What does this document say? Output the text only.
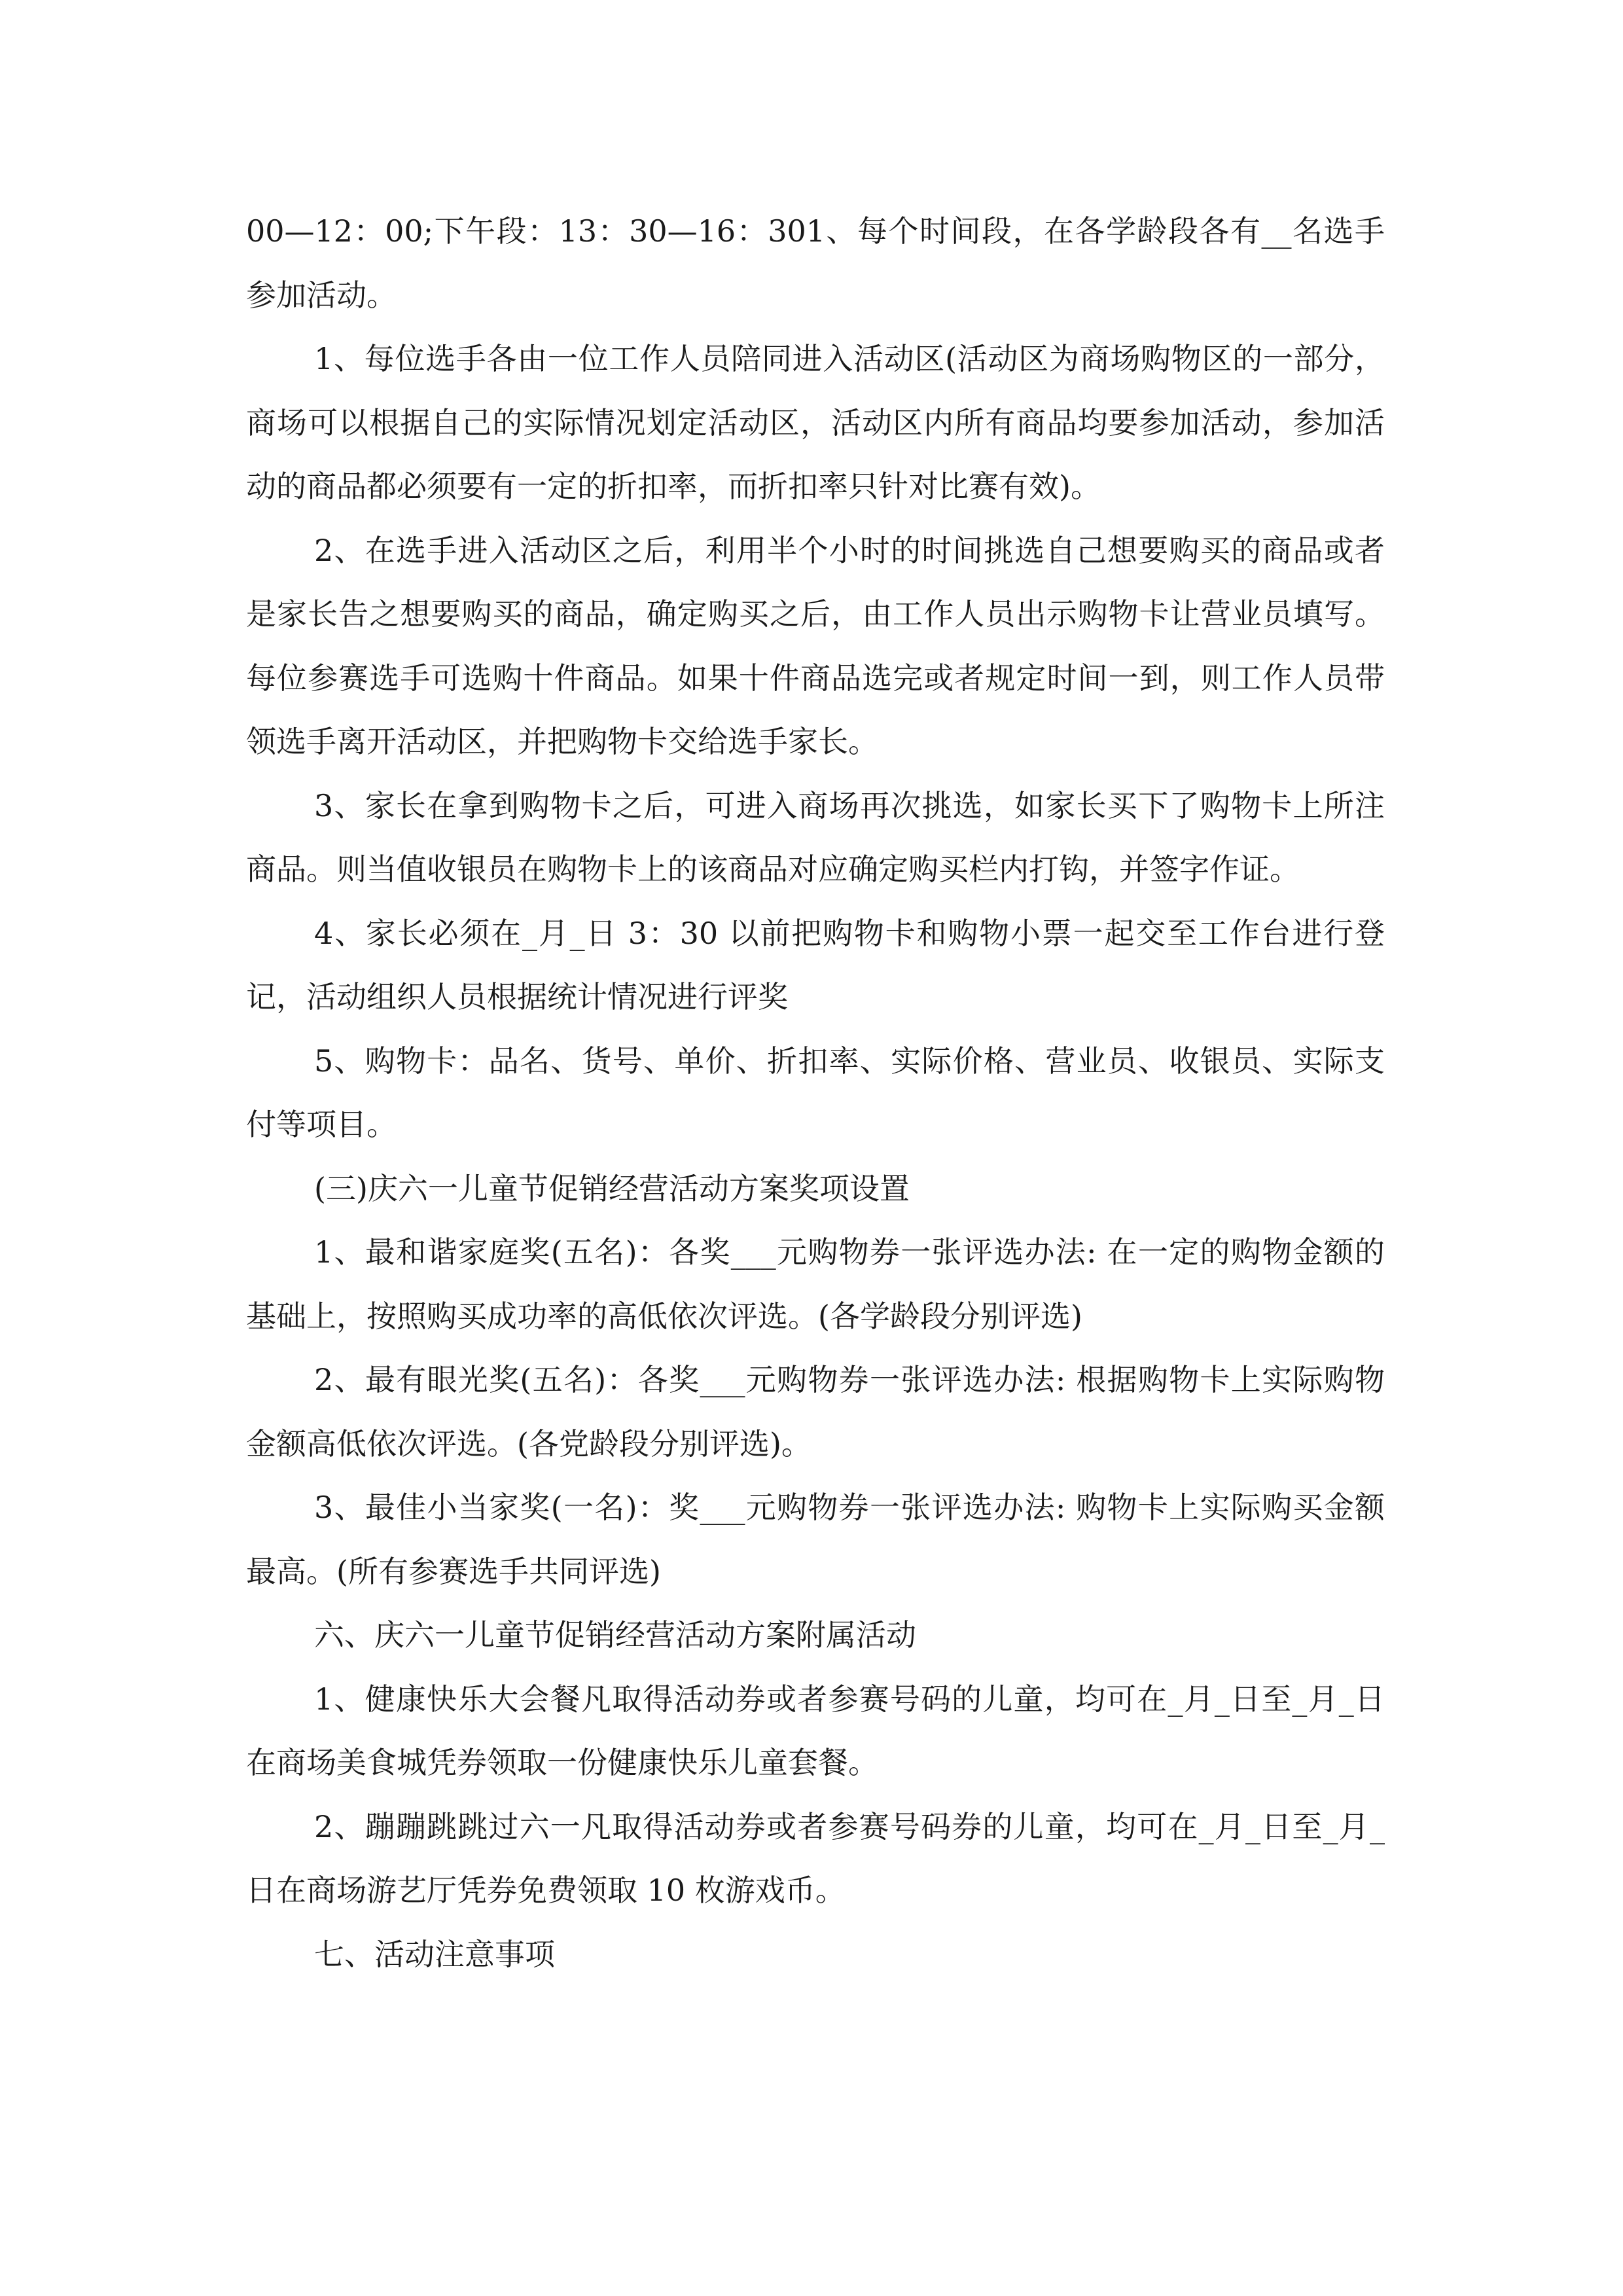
00—12：00;下午段：13：30—16：301、每个时间段，在各学龄段各有__名选手参加活动。

1、每位选手各由一位工作人员陪同进入活动区(活动区为商场购物区的一部分，商场可以根据自己的实际情况划定活动区，活动区内所有商品均要参加活动，参加活动的商品都必须要有一定的折扣率，而折扣率只针对比赛有效)。

2、在选手进入活动区之后，利用半个小时的时间挑选自己想要购买的商品或者是家长告之想要购买的商品，确定购买之后，由工作人员出示购物卡让营业员填写。每位参赛选手可选购十件商品。如果十件商品选完或者规定时间一到，则工作人员带领选手离开活动区，并把购物卡交给选手家长。

3、家长在拿到购物卡之后，可进入商场再次挑选，如家长买下了购物卡上所注商品。则当值收银员在购物卡上的该商品对应确定购买栏内打钩，并签字作证。

4、家长必须在_月_日 3：30 以前把购物卡和购物小票一起交至工作台进行登记，活动组织人员根据统计情况进行评奖

5、购物卡：品名、货号、单价、折扣率、实际价格、营业员、收银员、实际支付等项目。

(三)庆六一儿童节促销经营活动方案奖项设置

1、最和谐家庭奖(五名)：各奖___元购物券一张评选办法: 在一定的购物金额的基础上，按照购买成功率的高低依次评选。(各学龄段分别评选)

2、最有眼光奖(五名)：各奖___元购物券一张评选办法: 根据购物卡上实际购物金额高低依次评选。(各党龄段分别评选)。

3、最佳小当家奖(一名)：奖___元购物券一张评选办法: 购物卡上实际购买金额最高。(所有参赛选手共同评选)

六、庆六一儿童节促销经营活动方案附属活动

1、健康快乐大会餐凡取得活动券或者参赛号码的儿童，均可在_月_日至_月_日在商场美食城凭券领取一份健康快乐儿童套餐。

2、蹦蹦跳跳过六一凡取得活动券或者参赛号码券的儿童，均可在_月_日至_月_日在商场游艺厅凭券免费领取 10 枚游戏币。

七、活动注意事项
